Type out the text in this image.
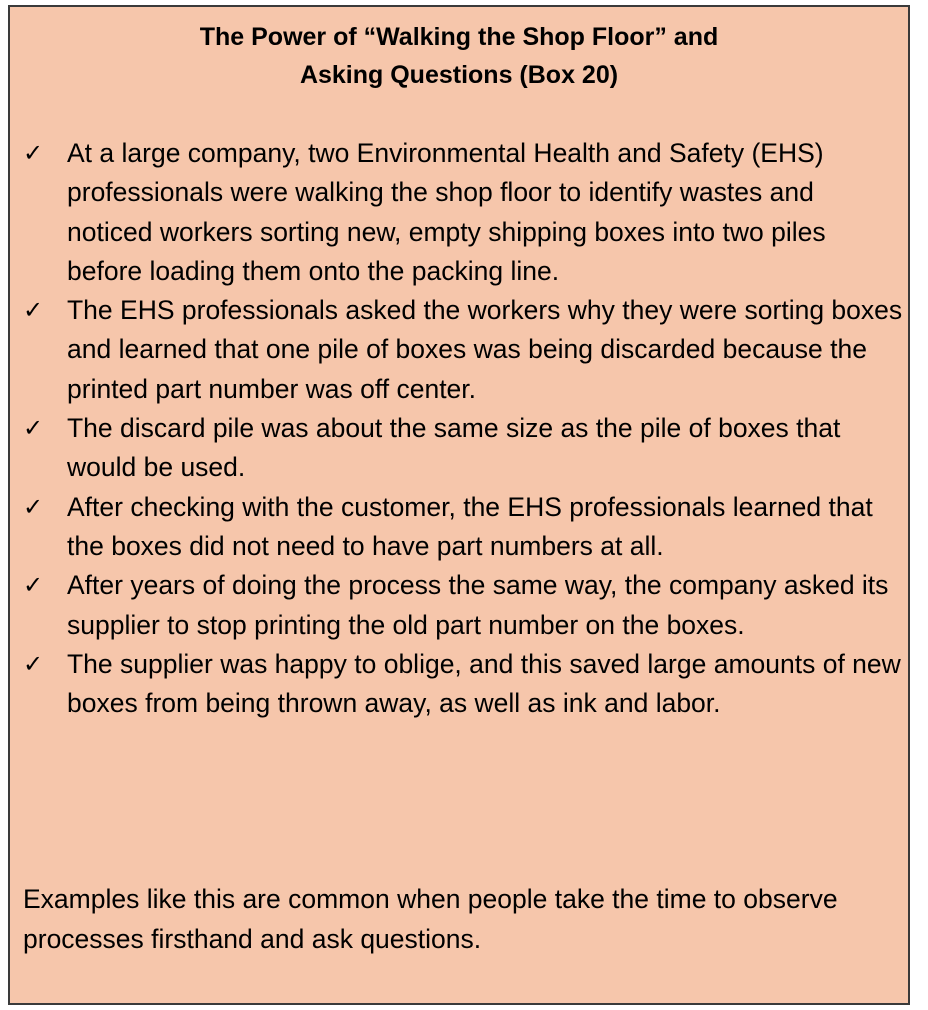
The Power of “Walking the Shop Floor” and
Asking Questions (Box 20)
✓ At a large company, two Environmental Health and Safety (EHS) professionals were walking the shop floor to identify wastes and noticed workers sorting new, empty shipping boxes into two piles before loading them onto the packing line.
✓ The EHS professionals asked the workers why they were sorting boxes and learned that one pile of boxes was being discarded because the printed part number was off center.
✓ The discard pile was about the same size as the pile of boxes that would be used.
✓ After checking with the customer, the EHS professionals learned that the boxes did not need to have part numbers at all.
✓ After years of doing the process the same way, the company asked its supplier to stop printing the old part number on the boxes.
✓ The supplier was happy to oblige, and this saved large amounts of new boxes from being thrown away, as well as ink and labor.

Examples like this are common when people take the time to observe processes firsthand and ask questions.
